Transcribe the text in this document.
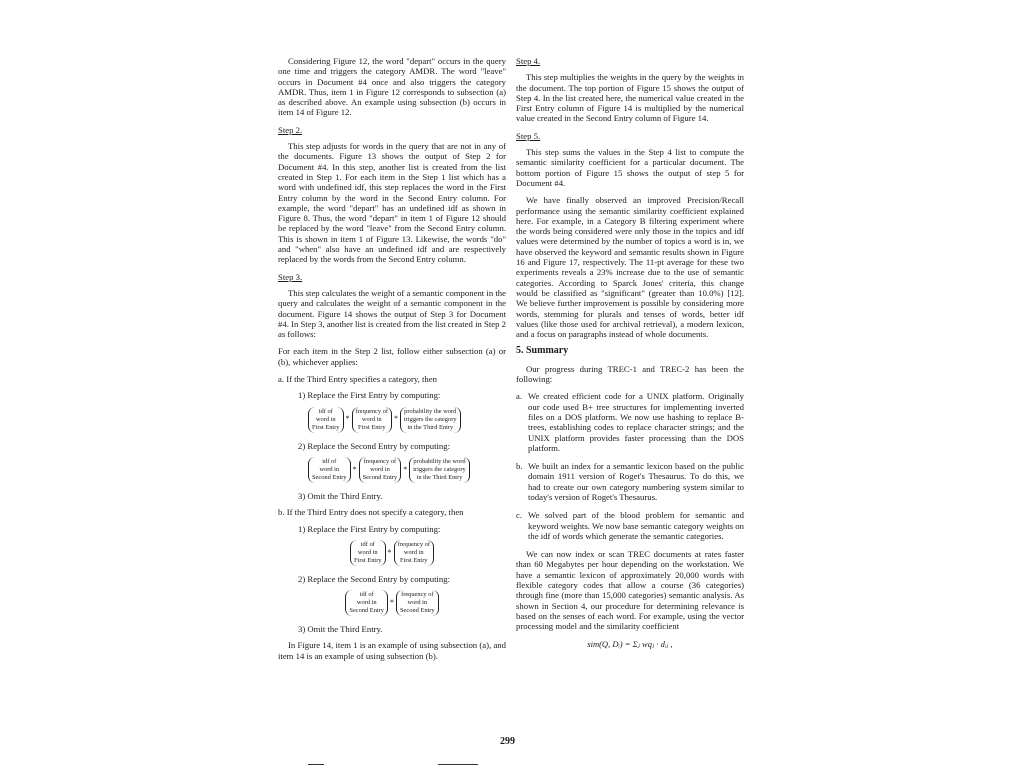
Considering Figure 12, the word "depart" occurs in the query one time and triggers the category AMDR. The word "leave" occurs in Document #4 once and also triggers the category AMDR. Thus, item 1 in Figure 12 corresponds to subsection (a) as described above. An example using subsection (b) occurs in item 14 of Figure 12.

Step 2.

This step adjusts for words in the query that are not in any of the documents. Figure 13 shows the output of Step 2 for Document #4. In this step, another list is created from the list created in Step 1. For each item in the Step 1 list which has a word with undefined idf, this step replaces the word in the First Entry column by the word in the Second Entry column. For example, the word "depart" has an undefined idf as shown in Figure 8. Thus, the word "depart" in item 1 of Figure 12 should be replaced by the word "leave" from the Second Entry column. This is shown in item 1 of Figure 13. Likewise, the words "do" and "when" also have an undefined idf and are respectively replaced by the words from the Second Entry column.

Step 3.

This step calculates the weight of a semantic component in the query and calculates the weight of a semantic component in the document. Figure 14 shows the output of Step 3 for Document #4. In Step 3, another list is created from the list created in Step 2 as follows:

For each item in the Step 2 list, follow either subsection (a) or (b), whichever applies:

a. If the Third Entry specifies a category, then
1) Replace the First Entry by computing:
idf of
word in
First Entry
*
frequency of
word in
First Entry
*
probability the word
triggers the category
in the Third Entry
2) Replace the Second Entry by computing:
idf of
word in
Second Entry
*
frequency of
word in
Second Entry
*
probability the word
triggers the category
in the Third Entry
3) Omit the Third Entry.
b. If the Third Entry does not specify a category, then
1) Replace the First Entry by computing:
idf of
word in
First Entry
*
frequency of
word in
First Entry
2) Replace the Second Entry by computing:
idf of
word in
Second Entry
*
frequency of
word in
Second Entry
3) Omit the Third Entry.

In Figure 14, item 1 is an example of using subsection (a), and item 14 is an example of using subsection (b).

Step 4.

This step multiplies the weights in the query by the weights in the document. The top portion of Figure 15 shows the output of Step 4. In the list created here, the numerical value created in the First Entry column of Figure 14 is multiplied by the numerical value created in the Second Entry column of Figure 14.

Step 5.

This step sums the values in the Step 4 list to compute the semantic similarity coefficient for a particular document. The bottom portion of Figure 15 shows the output of step 5 for Document #4.

We have finally observed an improved Precision/Recall performance using the semantic similarity coefficient explained here. For example, in a Category B filtering experiment where the words being considered were only those in the topics and idf values were determined by the number of topics a word is in, we have observed the keyword and semantic results shown in Figure 16 and Figure 17, respectively. The 11-pt average for these two experiments reveals a 23% increase due to the use of semantic categories. According to Sparck Jones' criteria, this change would be classified as "significant" (greater than 10.0%) [12]. We believe further improvement is possible by considering more words, stemming for plurals and tenses of words, better idf values (like those used for archival retrieval), a modern lexicon, and a focus on paragraphs instead of whole documents.

5. Summary

Our progress during TREC-1 and TREC-2 has been the following:

a. We created efficient code for a UNIX platform. Originally our code used B+ tree structures for implementing inverted files on a DOS platform. We now use hashing to replace B-trees, establishing codes to replace character strings; and the UNIX platform provides faster processing than the DOS platform.
b. We built an index for a semantic lexicon based on the public domain 1911 version of Roget's Thesaurus. To do this, we had to create our own category numbering system similar to today's version of Roget's Thesaurus.
c. We solved part of the blood problem for semantic and keyword weights. We now base semantic category weights on the idf of words which generate the semantic categories.

We can now index or scan TREC documents at rates faster than 60 Megabytes per hour depending on the workstation. We have a semantic lexicon of approximately 20,000 words with flexible category codes that allow a course (36 categories) through fine (more than 15,000 categories) semantic analysis. As shown in Section 4, our procedure for determining relevance is based on the senses of each word. For example, using the vector processing model and the similarity coefficient

sim(Q, Dᵢ) = Σⱼ wqⱼ · dᵢⱼ ,
299
